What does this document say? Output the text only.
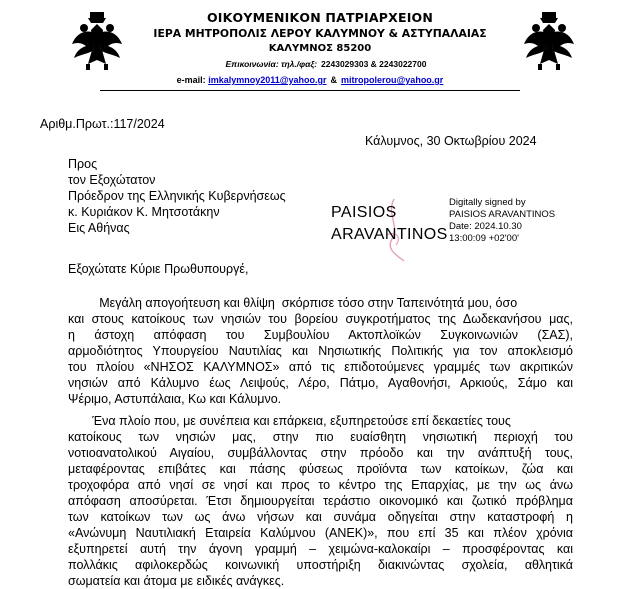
ΟΙΚΟΥΜΕΝΙΚΟΝ ΠΑΤΡΙΑΡΧΕΙΟΝ
ΙΕΡΑ ΜΗΤΡΟΠΟΛΙΣ ΛΕΡΟΥ ΚΑΛΥΜΝΟΥ & ΑΣΤΥΠΑΛΑΙΑΣ
ΚΑΛΥΜΝΟΣ 85200
Επικοινωνία: τηλ./φαξ: 2243029303 & 2243022700
e-mail: imkalymnoy2011@yahoo.gr & mitropolerou@yahoo.gr
Αριθμ.Πρωτ.:117/2024
Κάλυμνος, 30 Οκτωβρίου 2024
Προς
τον Εξοχώτατον
Πρόεδρον της Ελληνικής Κυβερνήσεως
κ. Κυριάκον Κ. Μητσοτάκην
Εις Αθήνας
PAISIOS
ARAVANTINOS
Digitally signed by
PAISIOS ARAVANTINOS
Date: 2024.10.30
13:00:09 +02'00'
Εξοχώτατε Κύριε Πρωθυπουργέ,
Μεγάλη απογοήτευση και θλίψη  σκόρπισε τόσο στην Ταπεινότητά μου, όσο
και στους κατοίκους των νησιών του βορείου συγκροτήματος της Δωδεκανήσου μας,
η άστοχη απόφαση του Συμβουλίου Ακτοπλοϊκών Συγκοινωνιών (ΣΑΣ),
αρμοδιότητος Υπουργείου Ναυτιλίας και Νησιωτικής Πολιτικής για τον αποκλεισμό
του πλοίου «ΝΗΣΟΣ ΚΑΛΥΜΝΟΣ» από τις επιδοτούμενες γραμμές των ακριτικών
νησιών από Κάλυμνο έως Λειψούς, Λέρο, Πάτμο, Αγαθονήσι, Αρκιούς, Σάμο και
Ψέριμο, Αστυπάλαια, Κω και Κάλυμνο.
Ένα πλοίο που, με συνέπεια και επάρκεια, εξυπηρετούσε επί δεκαετίες τους
κατοίκους των νησιών μας, στην πιο ευαίσθητη νησιωτική περιοχή του
νοτιοανατολικού Αιγαίου, συμβάλλοντας στην πρόοδο και την ανάπτυξή τους,
μεταφέροντας επιβάτες και πάσης φύσεως προϊόντα των κατοίκων, ζώα και
τροχοφόρα από νησί σε νησί και προς το κέντρο της Επαρχίας, με την ως άνω
απόφαση αποσύρεται. Έτσι δημιουργείται τεράστιο οικονομικό και ζωτικό πρόβλημα
των κατοίκων των ως άνω νήσων και συνάμα οδηγείται στην καταστροφή η
«Ανώνυμη Ναυτιλιακή Εταιρεία Καλύμνου (ΑΝΕΚ)», που επί 35 και πλέον χρόνια
εξυπηρετεί αυτή την άγονη γραμμή – χειμώνα-καλοκαίρι – προσφέροντας και
πολλάκις αφιλοκερδώς κοινωνική υποστήριξη διακινώντας σχολεία, αθλητικά
σωματεία και άτομα με ειδικές ανάγκες.
